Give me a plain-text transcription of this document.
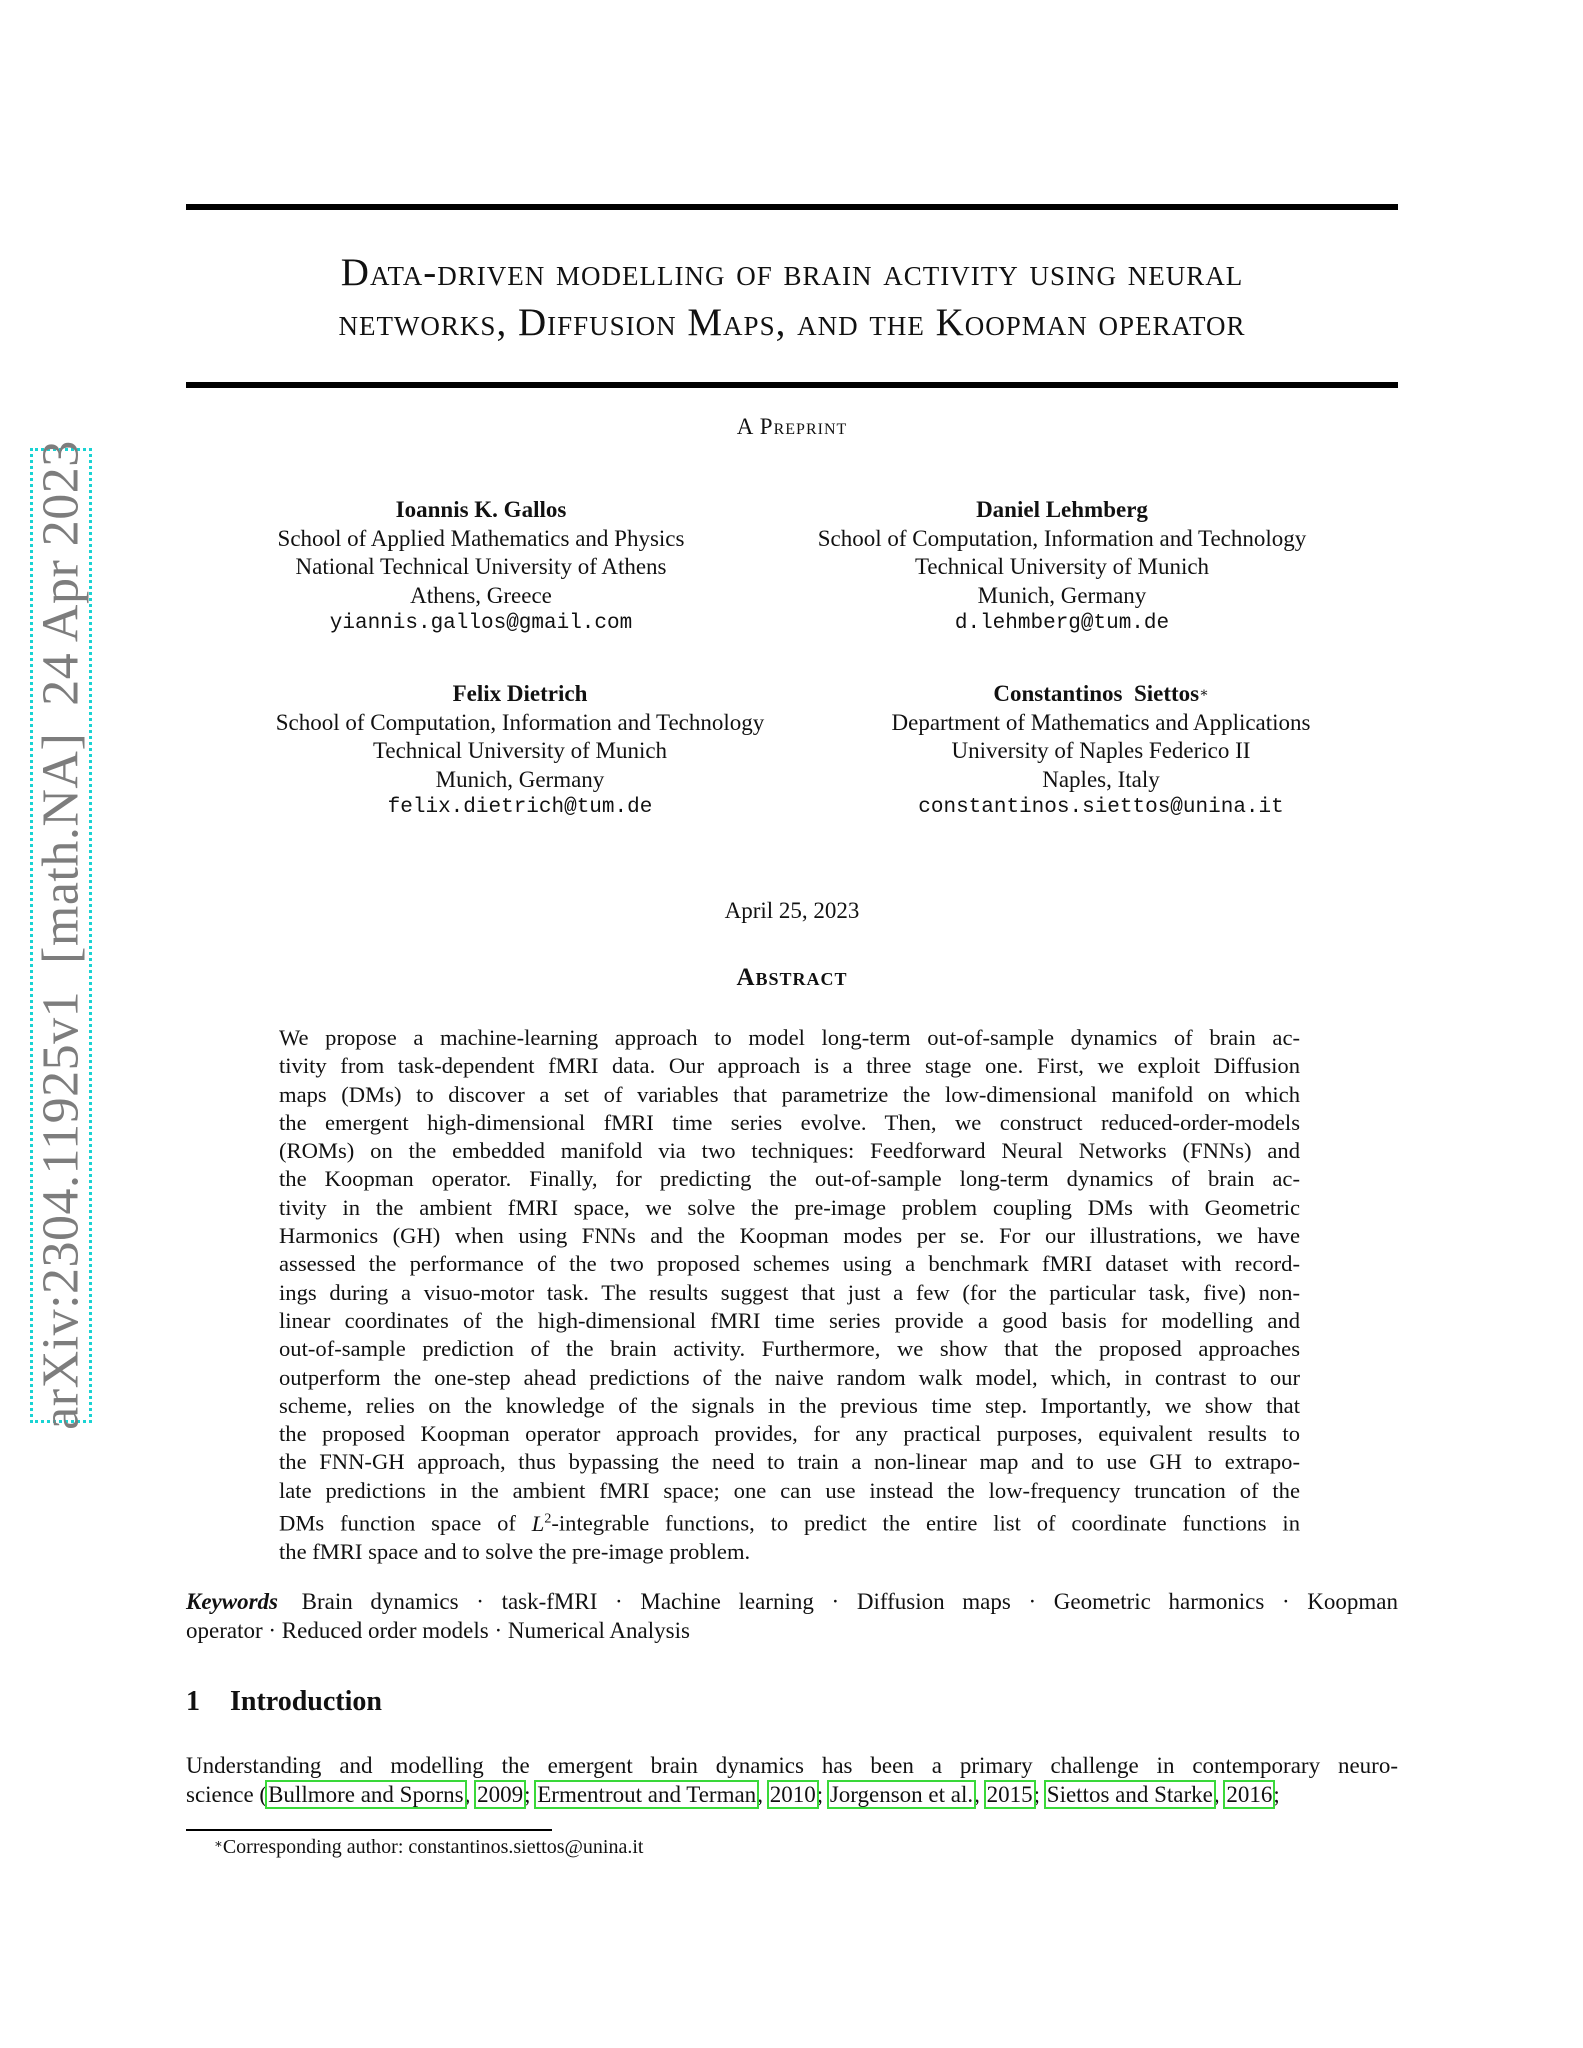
arXiv:2304.11925v1  [math.NA]  24 Apr 2023
Data-driven modelling of brain activity using neural
networks, Diffusion Maps, and the Koopman operator
A Preprint
Ioannis K. Gallos
School of Applied Mathematics and Physics
National Technical University of Athens
Athens, Greece
yiannis.gallos@gmail.com
Daniel Lehmberg
School of Computation, Information and Technology
Technical University of Munich
Munich, Germany
d.lehmberg@tum.de
Felix Dietrich
School of Computation, Information and Technology
Technical University of Munich
Munich, Germany
felix.dietrich@tum.de
Constantinos  Siettos∗
Department of Mathematics and Applications
University of Naples Federico II
Naples, Italy
constantinos.siettos@unina.it
April 25, 2023
Abstract
We propose a machine-learning approach to model long-term out-of-sample dynamics of brain ac-
tivity from task-dependent fMRI data. Our approach is a three stage one. First, we exploit Diffusion
maps (DMs) to discover a set of variables that parametrize the low-dimensional manifold on which
the emergent high-dimensional fMRI time series evolve. Then, we construct reduced-order-models
(ROMs) on the embedded manifold via two techniques: Feedforward Neural Networks (FNNs) and
the Koopman operator. Finally, for predicting the out-of-sample long-term dynamics of brain ac-
tivity in the ambient fMRI space, we solve the pre-image problem coupling DMs with Geometric
Harmonics (GH) when using FNNs and the Koopman modes per se. For our illustrations, we have
assessed the performance of the two proposed schemes using a benchmark fMRI dataset with record-
ings during a visuo-motor task. The results suggest that just a few (for the particular task, five) non-
linear coordinates of the high-dimensional fMRI time series provide a good basis for modelling and
out-of-sample prediction of the brain activity. Furthermore, we show that the proposed approaches
outperform the one-step ahead predictions of the naive random walk model, which, in contrast to our
scheme, relies on the knowledge of the signals in the previous time step. Importantly, we show that
the proposed Koopman operator approach provides, for any practical purposes, equivalent results to
the FNN-GH approach, thus bypassing the need to train a non-linear map and to use GH to extrapo-
late predictions in the ambient fMRI space; one can use instead the low-frequency truncation of the
DMs function space of $L^2$-integrable functions, to predict the entire list of coordinate functions in
the fMRI space and to solve the pre-image problem.
Keywords Brain dynamics · task-fMRI · Machine learning · Diffusion maps · Geometric harmonics · Koopman
operator · Reduced order models · Numerical Analysis
1 Introduction
Understanding and modelling the emergent brain dynamics has been a primary challenge in contemporary neuro-
science (Bullmore and Sporns, 2009; Ermentrout and Terman, 2010; Jorgenson et al., 2015; Siettos and Starke, 2016;
∗Corresponding author: constantinos.siettos@unina.it
